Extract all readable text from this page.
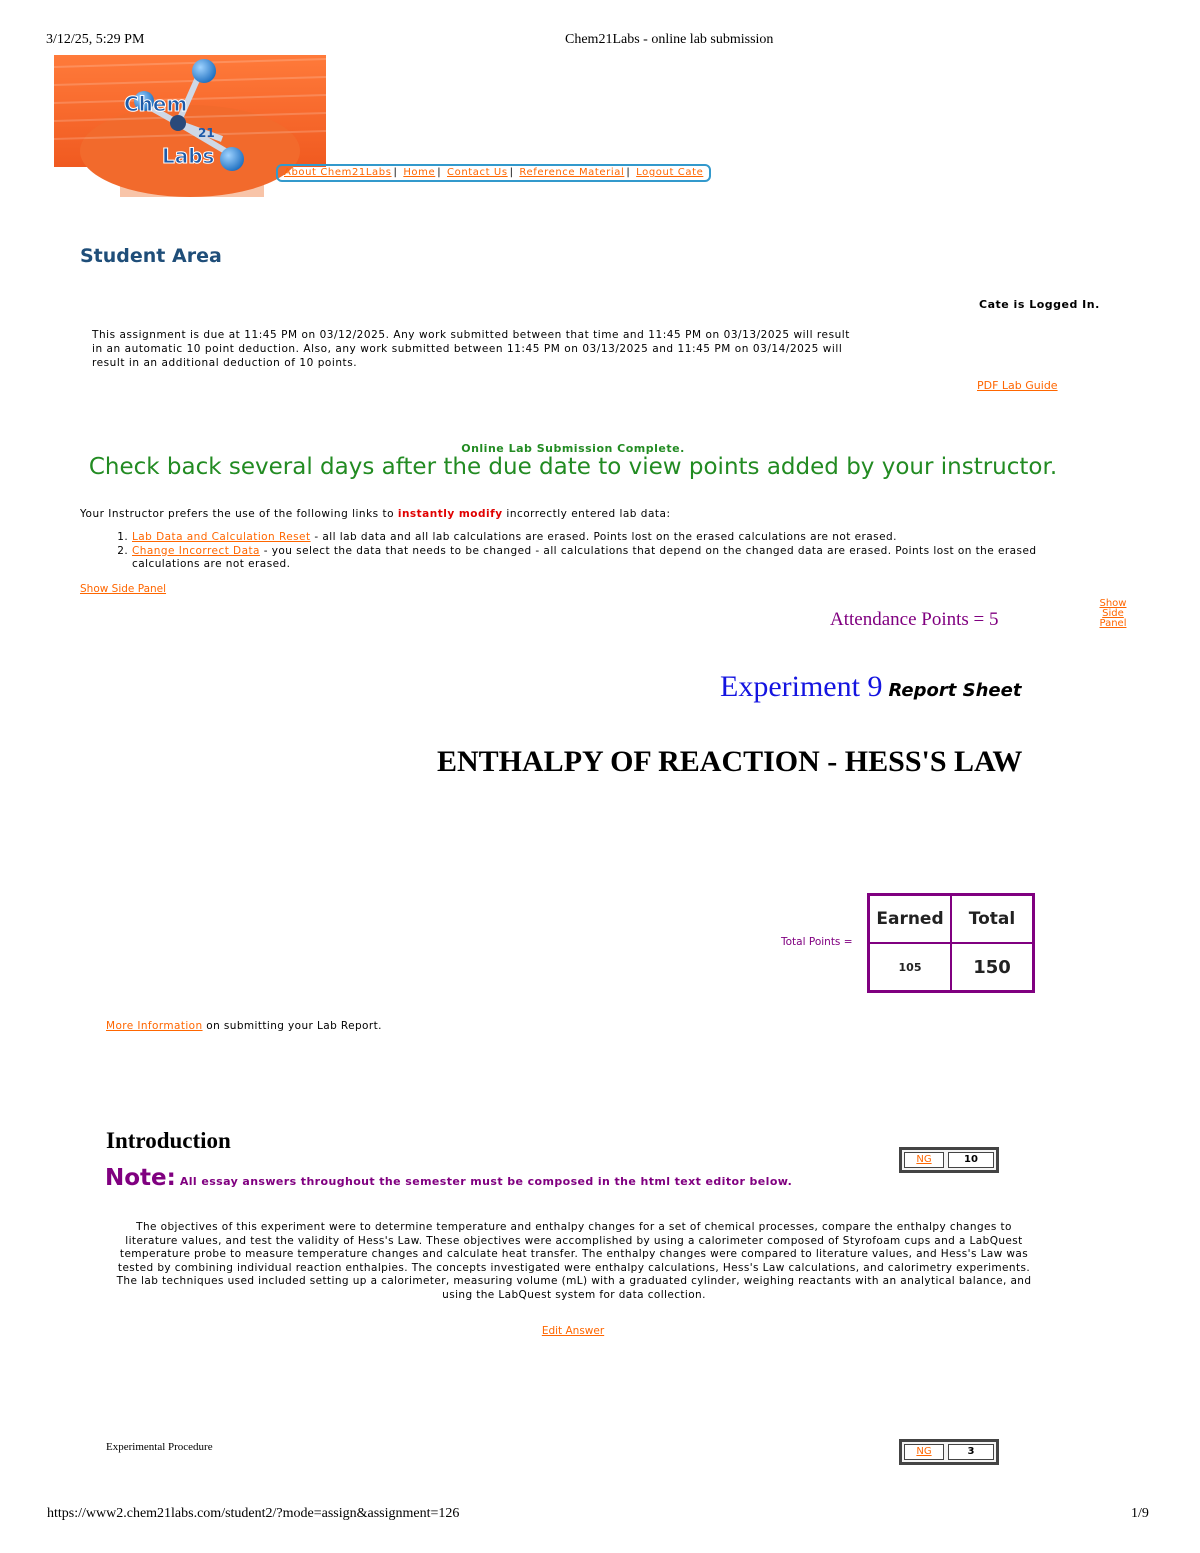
3/12/25, 5:29 PM	Chem21Labs - online lab submission
Chem
21
Labs
About Chem21Labs | Home | Contact Us | Reference Material | Logout Cate
Student Area
Cate is Logged In.
This assignment is due at 11:45 PM on 03/12/2025. Any work submitted between that time and 11:45 PM on 03/13/2025 will result in an automatic 10 point deduction. Also, any work submitted between 11:45 PM on 03/13/2025 and 11:45 PM on 03/14/2025 will result in an additional deduction of 10 points.
PDF Lab Guide
Online Lab Submission Complete.
Check back several days after the due date to view points added by your instructor.
Your Instructor prefers the use of the following links to instantly modify incorrectly entered lab data:
1. Lab Data and Calculation Reset - all lab data and all lab calculations are erased. Points lost on the erased calculations are not erased.
2. Change Incorrect Data - you select the data that needs to be changed - all calculations that depend on the changed data are erased. Points lost on the erased calculations are not erased.
Show Side Panel
Show
Side
Panel
Attendance Points = 5
Experiment 9 Report Sheet
ENTHALPY OF REACTION - HESS'S LAW
Total Points =
Earned	Total
105	150
More Information on submitting your Lab Report.
Introduction
NG	10
Note: All essay answers throughout the semester must be composed in the html text editor below.
The objectives of this experiment were to determine temperature and enthalpy changes for a set of chemical processes, compare the enthalpy changes to literature values, and test the validity of Hess's Law. These objectives were accomplished by using a calorimeter composed of Styrofoam cups and a LabQuest temperature probe to measure temperature changes and calculate heat transfer. The enthalpy changes were compared to literature values, and Hess's Law was tested by combining individual reaction enthalpies. The concepts investigated were enthalpy calculations, Hess's Law calculations, and calorimetry experiments. The lab techniques used included setting up a calorimeter, measuring volume (mL) with a graduated cylinder, weighing reactants with an analytical balance, and using the LabQuest system for data collection.
Edit Answer
Experimental Procedure	NG	3
https://www2.chem21labs.com/student2/?mode=assign&assignment=126	1/9
